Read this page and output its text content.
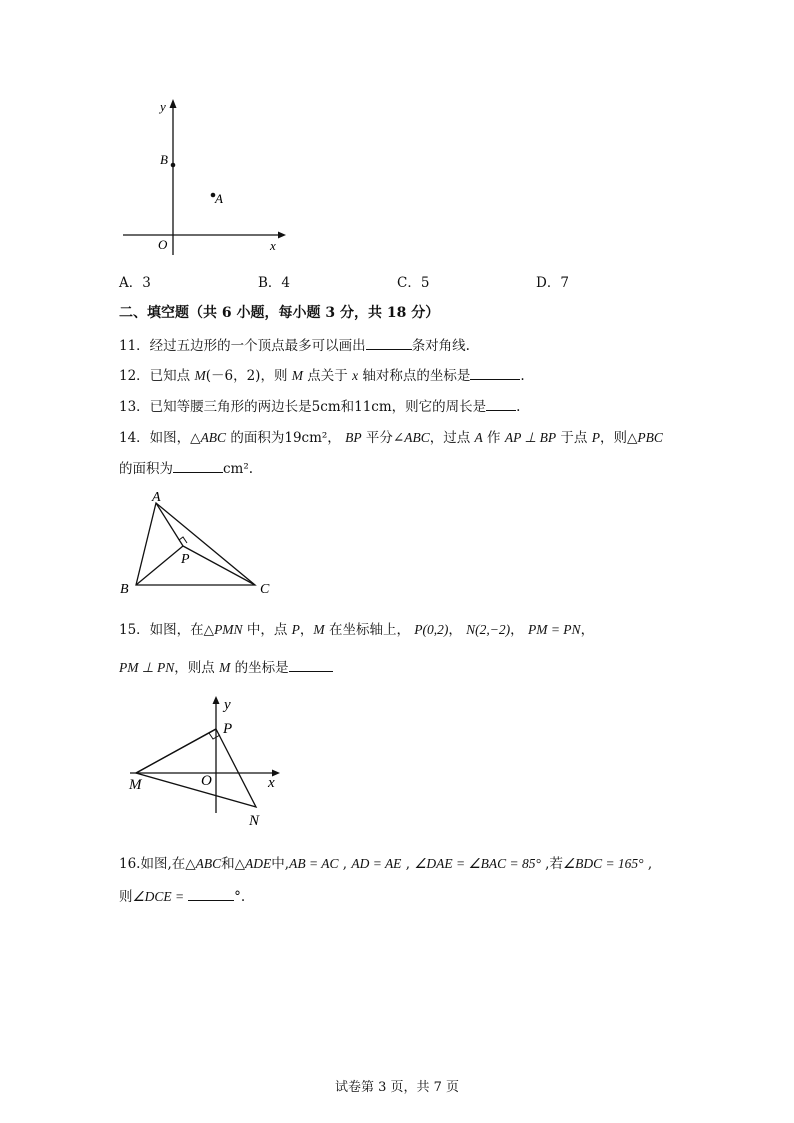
y
x
O
B
A
A．3	B．4	C．5	D．7
二、填空题（共 6 小题，每小题 3 分，共 18 分）
11．经过五边形的一个顶点最多可以画出	条对角线.
12．已知点 M(－6，2)，则 M 点关于 x 轴对称点的坐标是	.
13．已知等腰三角形的两边长是5cm和11cm，则它的周长是 .
14．如图，△ABC 的面积为19cm²， BP 平分∠ABC，过点 A 作 AP ⊥ BP 于点 P，则△PBC
的面积为	cm².
A
B	C
P
15．如图，在△PMN 中，点 P，M 在坐标轴上， P(0,2)， N(2,−2)， PM = PN，
PM ⊥ PN，则点 M 的坐标是
y
x
O
P
M
N
16.如图,在△ABC和△ADE中,AB = AC , AD = AE , ∠DAE = ∠BAC = 85° ,若∠BDC = 165° ,
则∠DCE =	°.
试卷第 3 页，共 7 页
